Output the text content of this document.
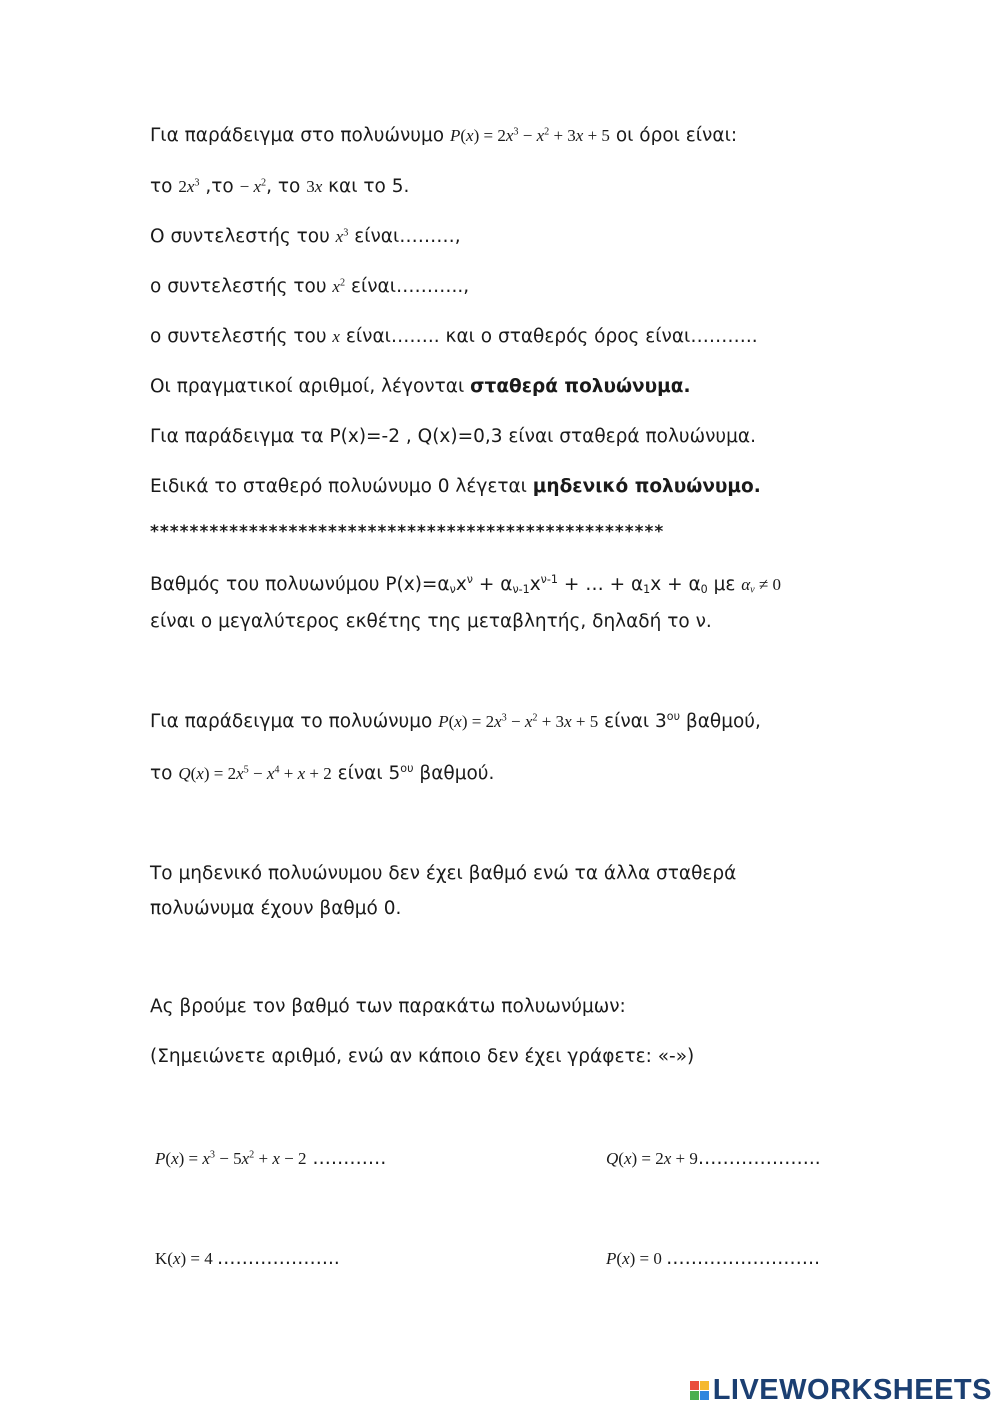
Για παράδειγμα στο πολυώνυμο $P(x) = 2x^3 - x^2 + 3x + 5$ οι όροι είναι:
το $2x^3$ $,\tau o - x^2$, το 3x και το 5.
Ο συντελεστής του $x^3$ είναι………,
ο συντελεστής του $x^2$ είναι………..,
ο συντελεστής του x είναι…….. και ο σταθερός όρος είναι………..
Οι πραγματικοί αριθμοί, λέγονται σταθερά πολυώνυμα.
Για παράδειγμα τα P(x)=-2 , Q(x)=0,3 είναι σταθερά πολυώνυμα.
Ειδικά το σταθερό πολυώνυμο 0 λέγεται μηδενικό πολυώνυμο.
****************************************************
Βαθμός του πολυωνύμου $P(x)=\alpha_\nu x^\nu + \alpha_{\nu-1}x^{\nu-1}$ + … + $\alpha_1x + \alpha_0$ με $\alpha_\nu \ne 0$
είναι ο μεγαλύτερος εκθέτης της μεταβλητής, δηλαδή το ν.
Για παράδειγμα το πολυώνυμο $P(x) = 2x^3 - x^2 + 3x + 5$ είναι $3^{o\upsilon}$ βαθμού,
το $Q(x) = 2x^5 - x^4 + x + 2$ είναι $5^{o\upsilon}$ βαθμού.
Το μηδενικό πολυώνυμου δεν έχει βαθμό ενώ τα άλλα σταθερά
πολυώνυμα έχουν βαθμό 0.
Ας βρούμε τον βαθμό των παρακάτω πολυωνύμων:
(Σημειώνετε αριθμό, ενώ αν κάποιο δεν έχει γράφετε: «-»)
$P(x) = x^3 - 5x^2 + x - 2$ …………	Q(x) = 2x + 9………………..
K(x) = 4 ………………..	P(x) = 0 …………………….
LIVEWORKSHEETS
